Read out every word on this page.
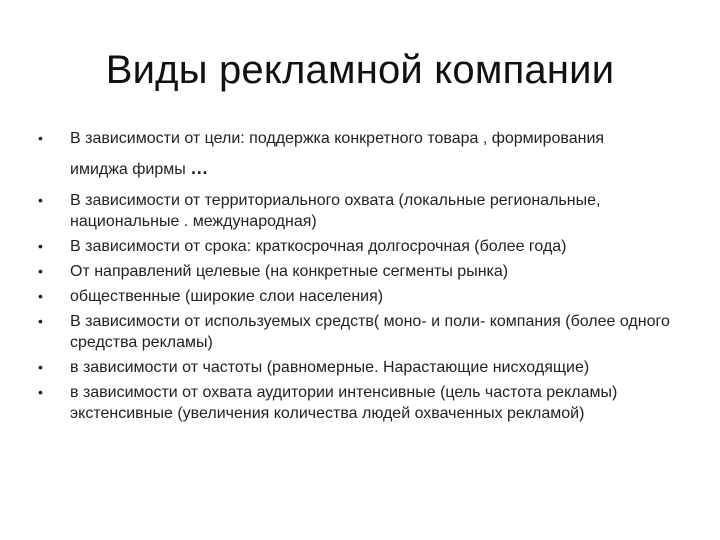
Виды рекламной компании
• В зависимости от цели: поддержка конкретного товара , формирования
имиджа фирмы …
• В зависимости от территориального охвата (локальные региональные, национальные . международная)
• В зависимости от срока: краткосрочная долгосрочная (более года)
• От направлений целевые (на конкретные сегменты рынка)
• общественные (широкие слои населения)
• В зависимости от используемых средств( моно- и поли- компания (более одного средства рекламы)
• в зависимости от частоты (равномерные. Нарастающие нисходящие)
• в зависимости от охвата аудитории интенсивные (цель частота рекламы) экстенсивные (увеличения количества людей охваченных рекламой)
